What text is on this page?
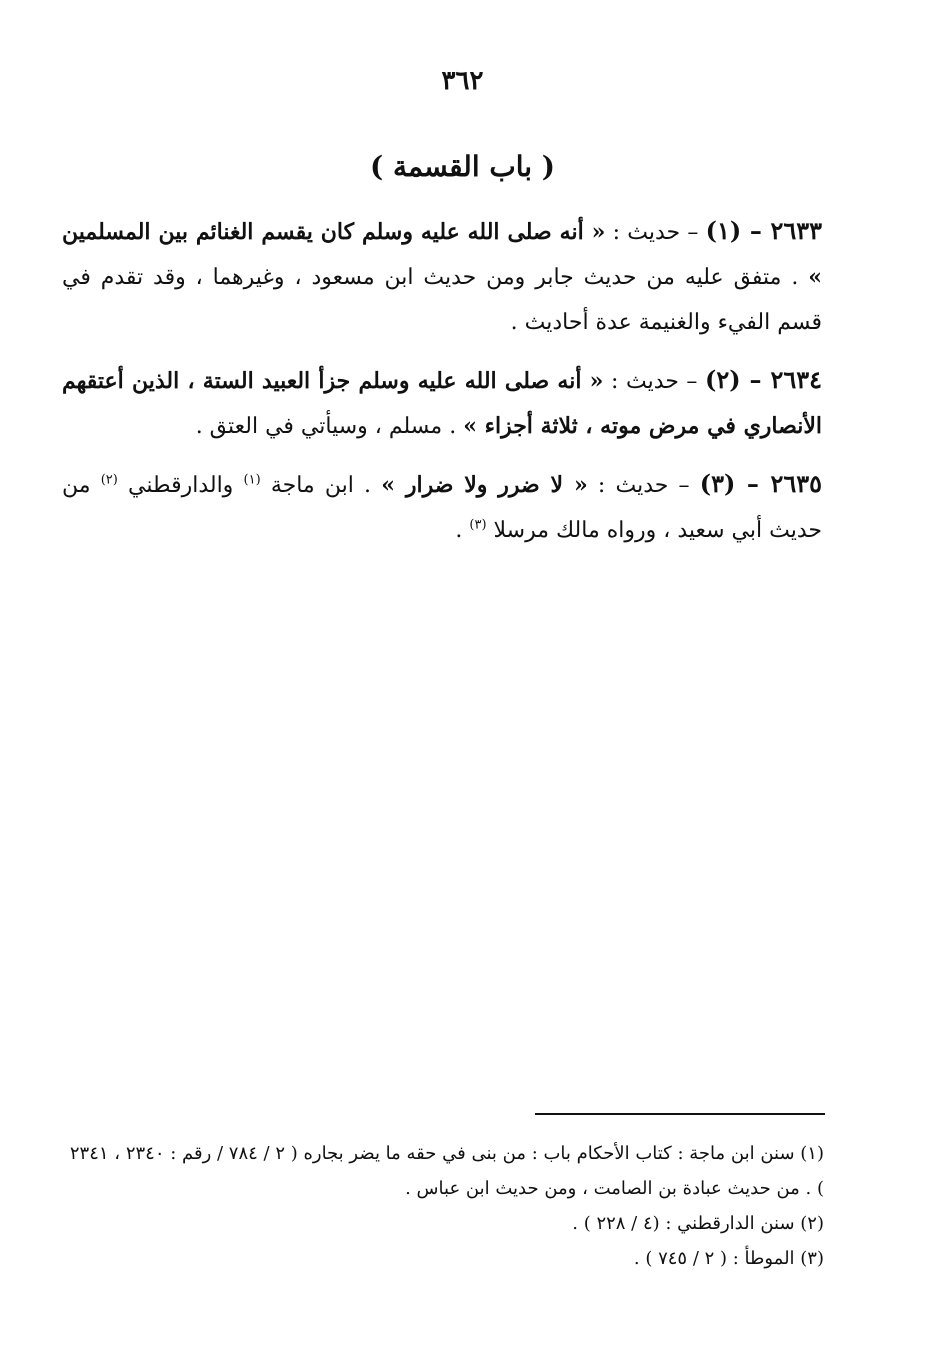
٣٦٢
( باب القسمة )

٢٦٣٣ – (١) – حديث : « أنه صلى الله عليه وسلم كان يقسم الغنائم بين المسلمين » . متفق عليه من حديث جابر ومن حديث ابن مسعود ، وغيرهما ، وقد تقدم في قسم الفيء والغنيمة عدة أحاديث .

٢٦٣٤ – (٢) – حديث : « أنه صلى الله عليه وسلم جزأ العبيد الستة ، الذين أعتقهم الأنصاري في مرض موته ، ثلاثة أجزاء » . مسلم ، وسيأتي في العتق .

٢٦٣٥ – (٣) – حديث : « لا ضرر ولا ضرار » . ابن ماجة $^{(١)}$ والدارقطني $^{(٢)}$ من حديث أبي سعيد ، ورواه مالك مرسلا $^{(٣)}$ .

(١) سنن ابن ماجة : كتاب الأحكام باب : من بنى في حقه ما يضر بجاره ( ٢ / ٧٨٤ / رقم : ٢٣٤٠ ، ٢٣٤١ ) . من حديث عبادة بن الصامت ، ومن حديث ابن عباس .

(٢) سنن الدارقطني : (٤ / ٢٢٨ ) .

(٣) الموطأ : ( ٢ / ٧٤٥ ) .
